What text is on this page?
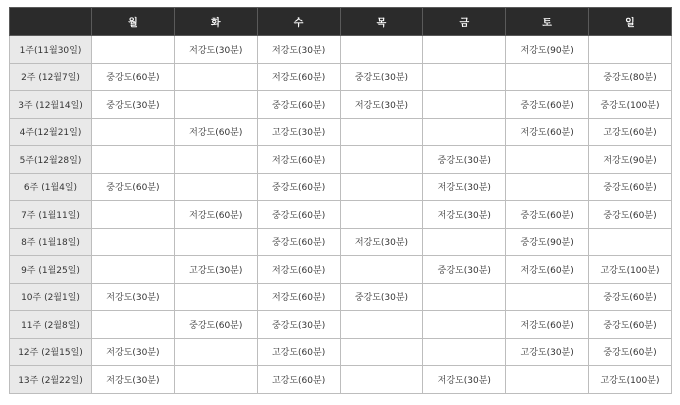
	월	화	수	목	금	토	일
1주(11월30일)		저강도(30분)	저강도(30분)			저강도(90분)	
2주 (12월7일)	중강도(60분)		저강도(60분)	중강도(30분)			중강도(80분)
3주 (12월14일)	중강도(30분)		중강도(60분)	저강도(30분)		중강도(60분)	중강도(100분)
4주(12월21일)		저강도(60분)	고강도(30분)			저강도(60분)	고강도(60분)
5주(12월28일)			저강도(60분)		중강도(30분)		저강도(90분)
6주 (1월4일)	중강도(60분)		중강도(60분)		저강도(30분)		중강도(60분)
7주 (1월11일)		저강도(60분)	중강도(60분)		저강도(30분)	중강도(60분)	중강도(60분)
8주 (1월18일)			중강도(60분)	저강도(30분)		중강도(90분)	
9주 (1월25일)		고강도(30분)	저강도(60분)		중강도(30분)	저강도(60분)	고강도(100분)
10주 (2월1일)	저강도(30분)		저강도(60분)	중강도(30분)			중강도(60분)
11주 (2월8일)		중강도(60분)	중강도(30분)			저강도(60분)	중강도(60분)
12주 (2월15일)	저강도(30분)		고강도(60분)			고강도(30분)	중강도(60분)
13주 (2월22일)	저강도(30분)		고강도(60분)		저강도(30분)		고강도(100분)
